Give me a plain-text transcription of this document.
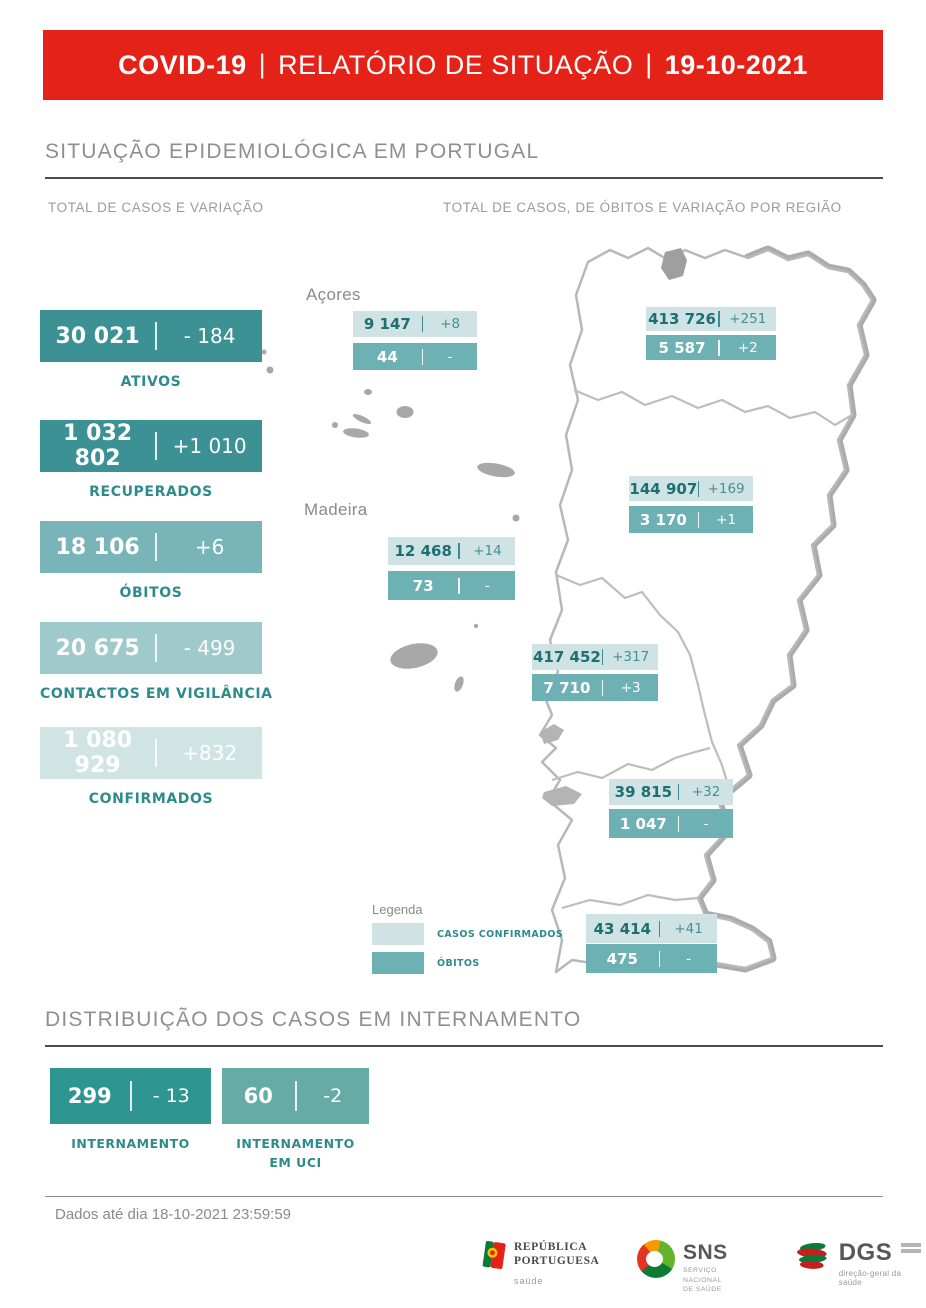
COVID-19 | RELATÓRIO DE SITUAÇÃO | 19-10-2021
SITUAÇÃO EPIDEMIOLÓGICA EM PORTUGAL
TOTAL DE CASOS E VARIAÇÃO	TOTAL DE CASOS, DE ÓBITOS E VARIAÇÃO POR REGIÃO
30 021	- 184
ATIVOS
1 032 802	+1 010
RECUPERADOS
18 106	+6
ÓBITOS
20 675	- 499
CONTACTOS EM VIGILÂNCIA
1 080 929	+832
CONFIRMADOS
Açores
Madeira
9 147	+8
44	-
413 726 +251
5 587	+2
144 907 +169
3 170	+1
12 468	+14
73	-
417 452 +317
7 710	+3
39 815	+32
1 047	-
43 414	+41
475	-
Legenda
CASOS CONFIRMADOS
ÓBITOS
DISTRIBUIÇÃO DOS CASOS EM INTERNAMENTO
299	- 13
INTERNAMENTO
60	-2
INTERNAMENTO EM UCI
Dados até dia 18-10-2021 23:59:59
REPÚBLICA
PORTUGUESA
saúde
SNS
SERVIÇO NACIONAL
DE SAÚDE
DGS
direção-geral da saúde
